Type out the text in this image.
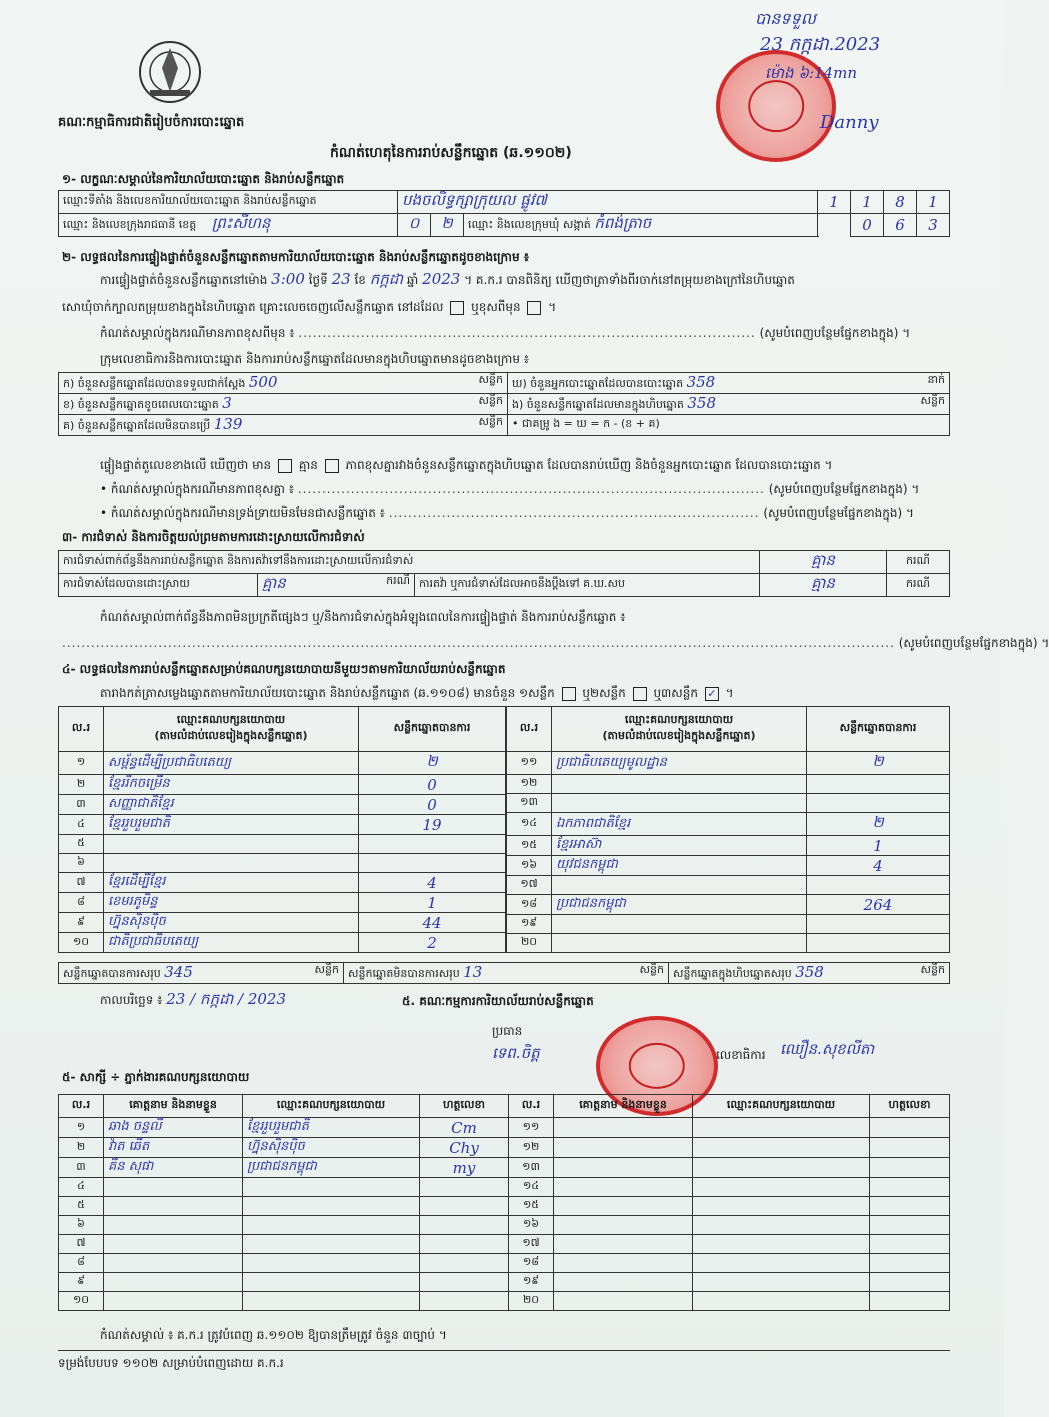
គណៈកម្មាធិការជាតិរៀបចំការបោះឆ្នោត
បានទទួល
23 កក្កដា.2023
ម៉ោង ៦:14mn
Danny
កំណត់ហេតុនៃការរាប់សន្លឹកឆ្នោត (ឆ.១១០២)
១- លក្ខណៈសម្គាល់នៃការិយាល័យបោះឆ្នោត និងរាប់សន្លឹកឆ្នោត
ឈ្មោះទីតាំង និងលេខការិយាល័យបោះឆ្នោត និងរាប់សន្លឹកឆ្នោត	បងចលិទ្ធក្សាក្រុយល ផ្លូវ៧			1	1	8	1
ឈ្មោះ និងលេខក្រុងរាជធានី ខេត្ត ព្រះសីហនុ	០	២	ឈ្មោះ និងលេខក្រុមឃុំ សង្កាត់ កំពង់ត្រាច		0	6	3
២- លទ្ធផលនៃការផ្ទៀងផ្ទាត់ចំនួនសន្លឹកឆ្នោតតាមការិយាល័យបោះឆ្នោត និងរាប់សន្លឹកឆ្នោតដូចខាងក្រោម ៖
ការផ្ទៀងផ្ទាត់ចំនួនសន្លឹកឆ្នោតនៅម៉ោង 3:00 ថ្ងៃទី 23 ខែ កក្កដា ឆ្នាំ 2023 ។ គ.ក.រ បានពិនិត្យ ឃើញថាត្រាទាំងពីរចាក់នៅតម្រុយខាងក្រៅនៃហិបឆ្នោត
សោឃុំចាក់ក្បាលតម្រុយខាងក្នុងនៃហិបឆ្នោត គ្រោះលេចចេញលើសន្លឹកឆ្នោត នៅដដែល ឬខុសពីមុន  ។
កំណត់សម្គាល់ក្នុងករណីមានភាពខុសពីមុន ៖ ............................................................................................... (សូមបំពេញបន្ថែមផ្នែកខាងក្នុង) ។
ក្រុមលេខាធិការនិងការបោះឆ្នោត និងការរាប់សន្លឹកឆ្នោតដែលមានក្នុងហិបឆ្នោតមានដូចខាងក្រោម ៖
ក) ចំនួនសន្លឹកឆ្នោតដែលបានទទួលជាក់ស្តែង 500 សន្លឹក	ឃ) ចំនួនអ្នកបោះឆ្នោតដែលបានបោះឆ្នោត 358 នាក់

ខ) ចំនួនសន្លឹកឆ្នោតខូចពេលបោះឆ្នោត 3 សន្លឹក	ង) ចំនួនសន្លឹកឆ្នោតដែលមានក្នុងហិបឆ្នោត 358 សន្លឹក

គ) ចំនួនសន្លឹកឆ្នោតដែលមិនបានប្រើ 139 សន្លឹក	• ជាគម្រូ ង = ឃ = ក - (ខ + គ)
ផ្ទៀងផ្ទាត់តួលេខខាងលើ ឃើញថា មាន គ្មាន ភាពខុសគ្នារវាងចំនួនសន្លឹកឆ្នោតក្នុងហិបឆ្នោត ដែលបានរាប់ឃើញ និងចំនួនអ្នកបោះឆ្នោត ដែលបានបោះឆ្នោត ។
• កំណត់សម្គាល់ក្នុងករណីមានភាពខុសគ្នា ៖ ................................................................................................. (សូមបំពេញបន្ថែមផ្នែកខាងក្នុង) ។
• កំណត់សម្គាល់ក្នុងករណីមានទ្រង់ទ្រាយមិនមែនជាសន្លឹកឆ្នោត ៖ ............................................................................. (សូមបំពេញបន្ថែមផ្នែកខាងក្នុង) ។
៣- ការជំទាស់ និងការចិត្តយល់ព្រមតាមការដោះស្រាយលើការជំទាស់
ការជំទាស់ពាក់ព័ន្ធនឹងការរាប់សន្លឹកឆ្នោត និងការតវ៉ាទៅនឹងការដោះស្រាយលើការជំទាស់			គ្មាន	ករណី
ការជំទាស់ដែលបានដោះស្រាយ	គ្មាន ករណី	ការតវ៉ា ឬការជំទាស់ដែលអាចនឹងប្តឹងទៅ គ.ឃ.សប	គ្មាន	ករណី
កំណត់សម្គាល់ពាក់ព័ន្ធនឹងភាពមិនប្រក្រតីផ្សេងៗ ឬ/និងការជំទាស់ក្នុងអំឡុងពេលនៃការផ្ទៀងផ្ទាត់ និងការរាប់សន្លឹកឆ្នោត ៖
............................................................................................................................................................................. (សូមបំពេញបន្ថែមផ្នែកខាងក្នុង) ។
៤- លទ្ធផលនៃការរាប់សន្លឹកឆ្នោតសម្រាប់គណបក្សនយោបាយនីមួយៗតាមការិយាល័យរាប់សន្លឹកឆ្នោត
តារាងកត់ត្រាសម្លេងឆ្នោតតាមការិយាល័យបោះឆ្នោត និងរាប់សន្លឹកឆ្នោត (ឆ.១១០៨) មានចំនួន ១សន្លឹក ឬ២សន្លឹក ឬ៣សន្លឹក ✓ ។
ល.រ	ឈ្មោះគណបក្សនយោបាយ
(តាមលំដាប់លេខរៀងក្នុងសន្លឹកឆ្នោត)	សន្លឹកឆ្នោតបានការ
១	សម្ព័ន្ធដើម្បីប្រជាធិបតេយ្យ	២
២	ខ្មែររីកចម្រើន	0
៣	សញ្ញាជាតិខ្មែរ	0
៤	ខ្មែររួបរួមជាតិ	19
៥		
៦		
៧	ខ្មែរដើម្បីខ្មែរ	4
៨	ខេមរភូមិន្ទ	1
៩	ហ្វ៊ុនស៊ិនប៉ិច	44
១០	ជាតិប្រជាធិបតេយ្យ	2
ល.រ	ឈ្មោះគណបក្សនយោបាយ
(តាមលំដាប់លេខរៀងក្នុងសន្លឹកឆ្នោត)	សន្លឹកឆ្នោតបានការ
១១	ប្រជាធិបតេយ្យមូលដ្ឋាន	២
១២		
១៣		
១៤	ឯកភាពជាតិខ្មែរ	២
១៥	ខ្មែរអាស៊ា	1
១៦	យុវជនកម្ពុជា	4
១៧		
១៨	ប្រជាជនកម្ពុជា	264
១៩		
២០		
សន្លឹកឆ្នោតបានការសរុប 345	សន្លឹក	សន្លឹកឆ្នោតមិនបានការសរុប 13	សន្លឹក	សន្លឹកឆ្នោតក្នុងហិបឆ្នោតសរុប 358	សន្លឹក
កាលបរិច្ឆេទ ៖ 23 / កក្កដា / 2023	៥. គណៈកម្មការការិយាល័យរាប់សន្លឹកឆ្នោត
ប្រធាន
ទេព.ចិត្ត	លេខាធិការ ឈឿន.សុខលីតា
៥- សាក្សី ÷ ភ្នាក់ងារគណបក្សនយោបាយ
ល.រ	គោត្តនាម និងនាមខ្លួន	ឈ្មោះគណបក្សនយោបាយ	ហត្ថលេខា	ល.រ	គោត្តនាម និងនាមខ្លួន	ឈ្មោះគណបក្សនយោបាយ	ហត្ថលេខា
១	ឆាង ចន្ទលី	ខ្មែររួបរួមជាតិ	Cm	១១			
២	វ៉ាត ឆើត	ហ្វ៊ុនស៊ិនប៉ិច	Chy	១២			
៣	គីន សុផា	ប្រជាជនកម្ពុជា	my	១៣			
៤				១៤			
៥				១៥			
៦				១៦			
៧				១៧			
៨				១៨			
៩				១៩			
១០				២០			
កំណត់សម្គាល់ ៖ គ.ក.រ ត្រូវបំពេញ ឆ.១១០២ ឱ្យបានត្រឹមត្រូវ ចំនួន ៣ច្បាប់ ។
ទម្រង់បែបបទ ១១០២ សម្រាប់បំពេញដោយ គ.ក.រ
